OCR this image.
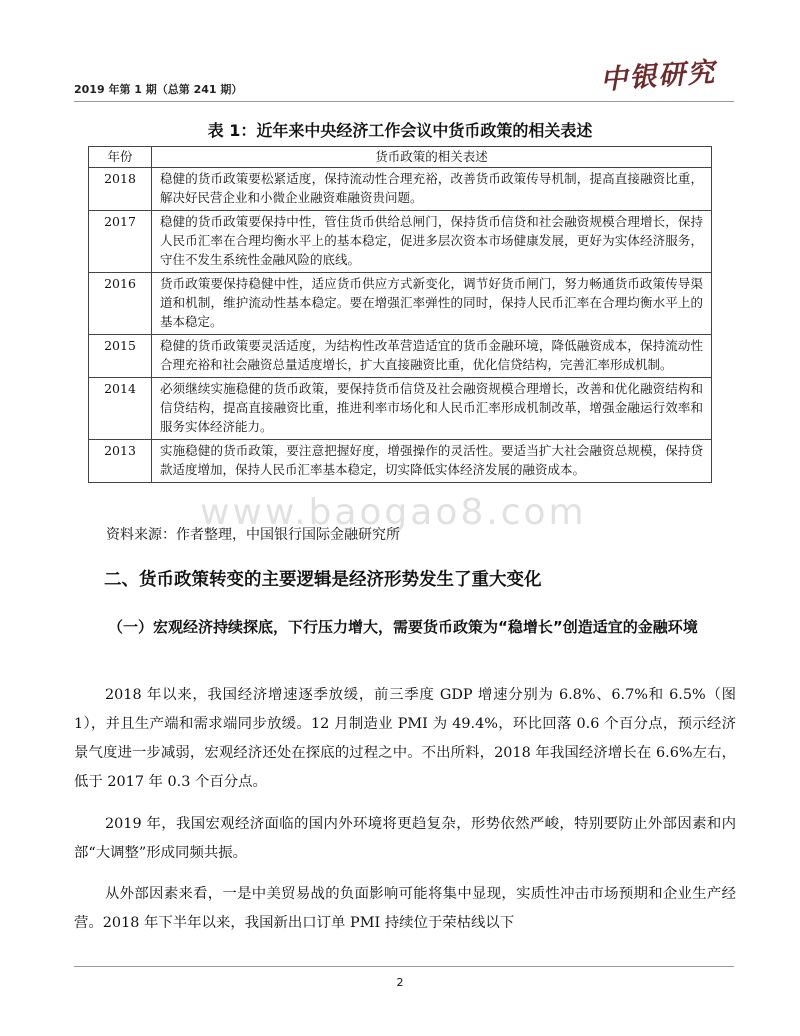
2019 年第 1 期（总第 241 期）	中银研究
表 1：近年来中央经济工作会议中货币政策的相关表述
年份	货币政策的相关表述
2018	稳健的货币政策要松紧适度，保持流动性合理充裕，改善货币政策传导机制，提高直接融资比重，解决好民营企业和小微企业融资难融资贵问题。
2017	稳健的货币政策要保持中性，管住货币供给总闸门，保持货币信贷和社会融资规模合理增长，保持人民币汇率在合理均衡水平上的基本稳定，促进多层次资本市场健康发展，更好为实体经济服务，守住不发生系统性金融风险的底线。
2016	货币政策要保持稳健中性，适应货币供应方式新变化，调节好货币闸门，努力畅通货币政策传导渠道和机制，维护流动性基本稳定。要在增强汇率弹性的同时，保持人民币汇率在合理均衡水平上的基本稳定。
2015	稳健的货币政策要灵活适度，为结构性改革营造适宜的货币金融环境，降低融资成本，保持流动性合理充裕和社会融资总量适度增长，扩大直接融资比重，优化信贷结构，完善汇率形成机制。
2014	必须继续实施稳健的货币政策，要保持货币信贷及社会融资规模合理增长，改善和优化融资结构和信贷结构，提高直接融资比重，推进利率市场化和人民币汇率形成机制改革，增强金融运行效率和服务实体经济能力。
2013	实施稳健的货币政策，要注意把握好度，增强操作的灵活性。要适当扩大社会融资总规模，保持贷款适度增加，保持人民币汇率基本稳定，切实降低实体经济发展的融资成本。
www.baogao8.com
资料来源：作者整理，中国银行国际金融研究所
二、货币政策转变的主要逻辑是经济形势发生了重大变化
（一）宏观经济持续探底，下行压力增大，需要货币政策为“稳增长”创造适宜的金融环境
2018 年以来，我国经济增速逐季放缓，前三季度 GDP 增速分别为 6.8%、6.7%和 6.5%（图 1），并且生产端和需求端同步放缓。12 月制造业 PMI 为 49.4%，环比回落 0.6 个百分点，预示经济景气度进一步减弱，宏观经济还处在探底的过程之中。不出所料，2018 年我国经济增长在 6.6%左右，低于 2017 年 0.3 个百分点。
2019 年，我国宏观经济面临的国内外环境将更趋复杂，形势依然严峻，特别要防止外部因素和内部“大调整”形成同频共振。
从外部因素来看，一是中美贸易战的负面影响可能将集中显现，实质性冲击市场预期和企业生产经营。2018 年下半年以来，我国新出口订单 PMI 持续位于荣枯线以下
2
